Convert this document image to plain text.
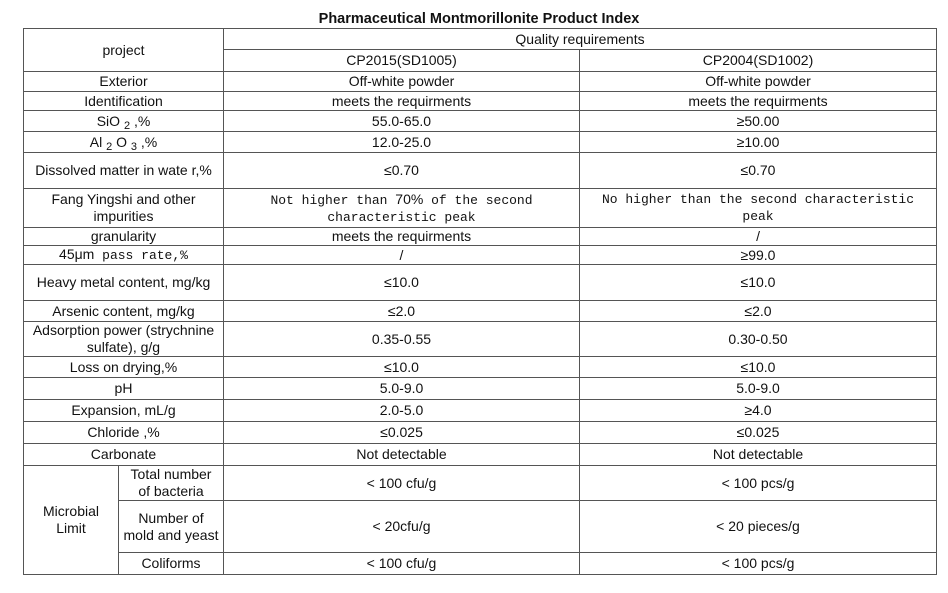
Pharmaceutical Montmorillonite Product Index
project		Quality requirements	
		CP2015(SD1005)	CP2004(SD1002)
Exterior		Off-white powder	Off-white powder
Identification		meets the requirments	meets the requirments
SiO $_2$ ,%		55.0-65.0	≥50.00
Al $_2$ O $_3$ ,%		12.0-25.0	≥10.00
Dissolved matter in wate r,%		≤0.70	≤0.70
Fang Yingshi and other impurities		Not higher than 70% of the second characteristic peak	No higher than the second characteristic peak
granularity		meets the requirments	/
45μm pass rate,%		/	≥99.0
Heavy metal content, mg/kg		≤10.0	≤10.0
Arsenic content, mg/kg		≤2.0	≤2.0
Adsorption power (strychnine sulfate), g/g		0.35-0.55	0.30-0.50
Loss on drying,%		≤10.0	≤10.0
pH		5.0-9.0	5.0-9.0
Expansion, mL/g		2.0-5.0	≥4.0
Chloride ,%		≤0.025	≤0.025
Carbonate		Not detectable	Not detectable
Microbial Limit	Total number of bacteria	< 100 cfu/g	< 100 pcs/g
	Number of mold and yeast	< 20cfu/g	< 20 pieces/g
	Coliforms	< 100 cfu/g	< 100 pcs/g
